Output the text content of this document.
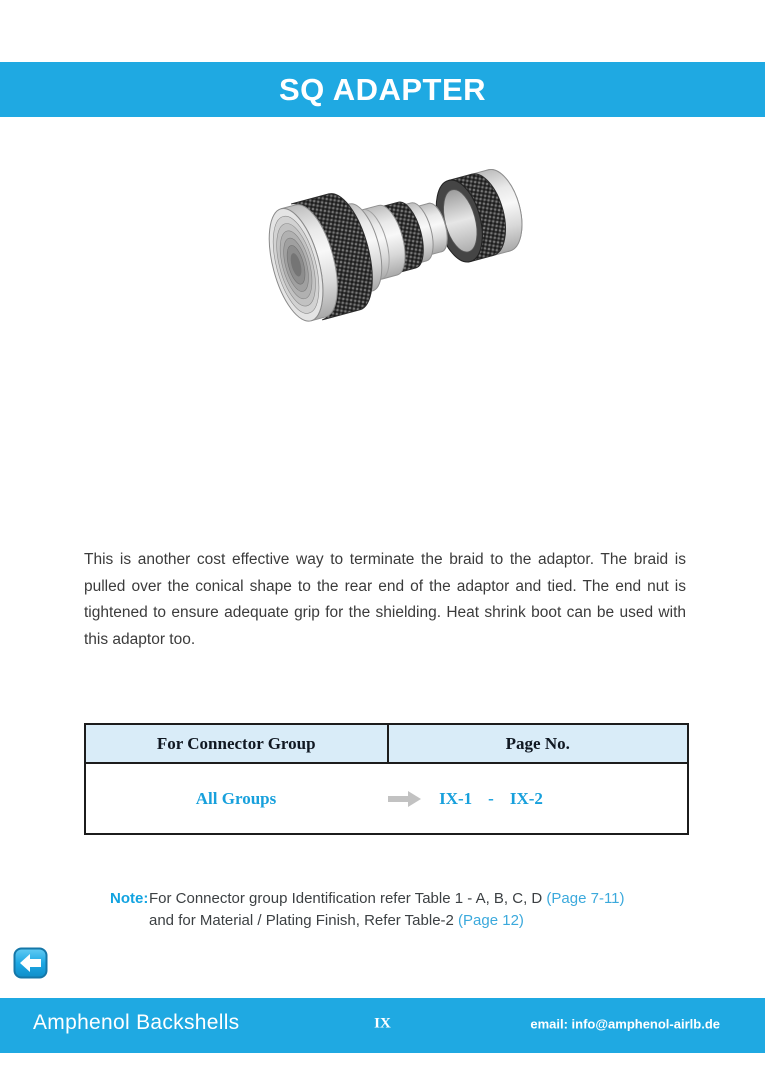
SQ ADAPTER

This is another cost effective way to terminate the braid to the adaptor. The braid is pulled over the conical shape to the rear end of the adaptor and tied. The end nut is tightened to ensure adequate grip for the shielding. Heat shrink boot can be used with this adaptor too.

For Connector Group	Page No.
All Groups	IX-1 - IX-2
Note: For Connector group Identification refer Table 1 - A, B, C, D (Page 7-11)
and for Material / Plating Finish, Refer Table-2 (Page 12)
Amphenol Backshells	IX	email: info@amphenol-airlb.de
